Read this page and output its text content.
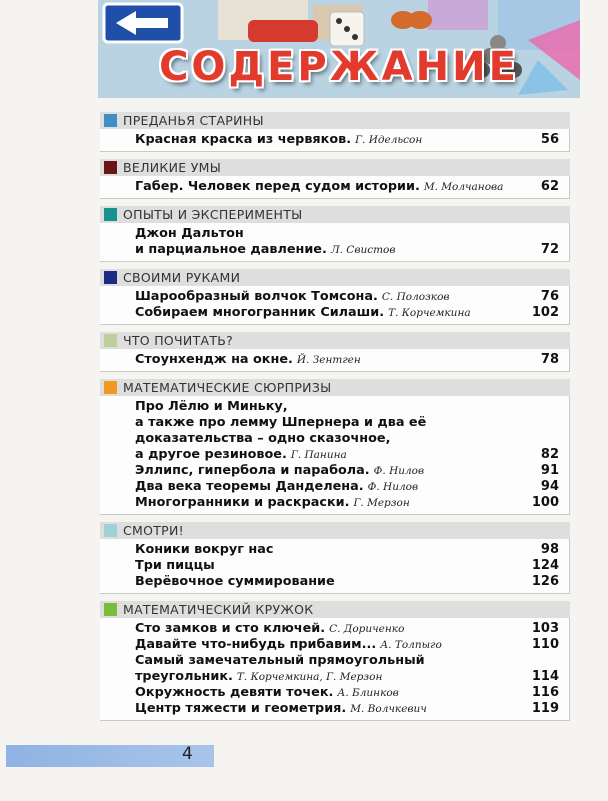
СОДЕРЖАНИЕ
ПРЕДАНЬЯ СТАРИНЫ
Красная краска из червяков. Г. Идельсон	56
ВЕЛИКИЕ УМЫ
Габер. Человек перед судом истории. М. Молчанова	62
ОПЫТЫ И ЭКСПЕРИМЕНТЫ
Джон Дальтон
и парциальное давление. Л. Свистов	72
СВОИМИ РУКАМИ
Шарообразный волчок Томсона. С. Полозков	76
Собираем многогранник Силаши. Т. Корчемкина	102
ЧТО ПОЧИТАТЬ?
Стоунхендж на окне. Й. Зентген	78
МАТЕМАТИЧЕСКИЕ СЮРПРИЗЫ
Про Лёлю и Миньку,
а также про лемму Шпернера и два её
доказательства – одно сказочное,
а другое резиновое. Г. Панина	82
Эллипс, гипербола и парабола. Ф. Нилов	91
Два века теоремы Данделена. Ф. Нилов	94
Многогранники и раскраски. Г. Мерзон	100
СМОТРИ!
Коники вокруг нас	98
Три пиццы	124
Верёвочное суммирование	126
МАТЕМАТИЧЕСКИЙ КРУЖОК
Сто замков и сто ключей. С. Дориченко	103
Давайте что-нибудь прибавим... А. Толпыго	110
Самый замечательный прямоугольный
треугольник. Т. Корчемкина, Г. Мерзон	114
Окружность девяти точек. А. Блинков	116
Центр тяжести и геометрия. М. Волчкевич	119
4
